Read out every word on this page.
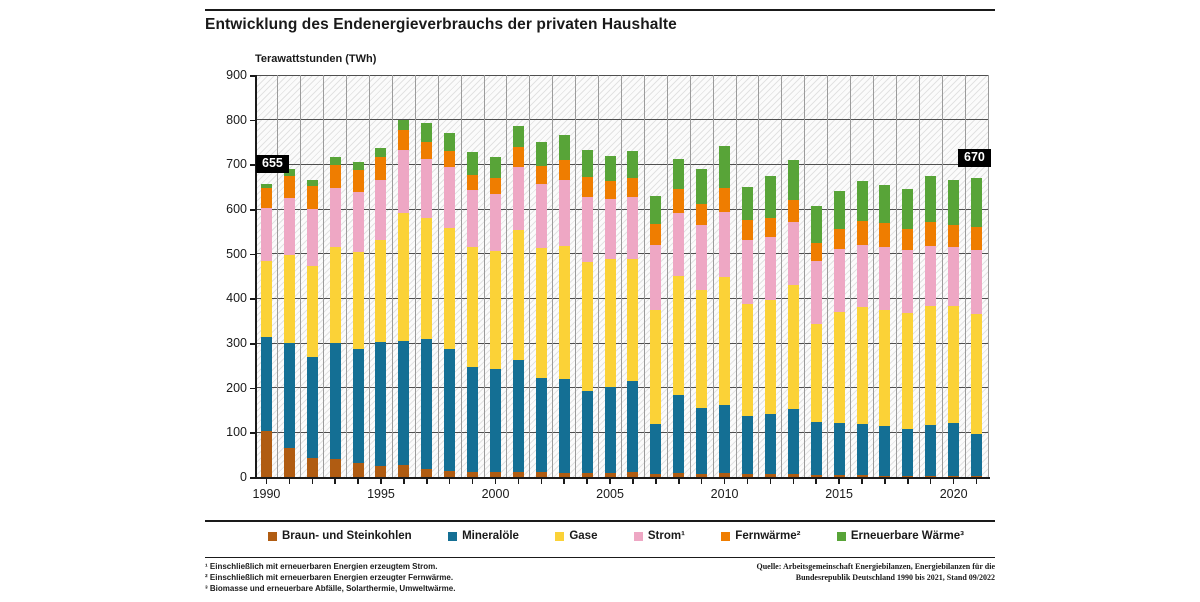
Entwicklung des Endenergieverbrauchs der privaten Haushalte
Terawattstunden (TWh)
0
100
200
300
400
500
600
700
800
900
Braun- und Steinkohlen	Mineralöle	Gase	Strom¹	Fernwärme²	Erneuerbare Wärme³
¹ Einschließlich mit erneuerbaren Energien erzeugtem Strom.
² Einschließlich mit erneuerbaren Energien erzeugter Fernwärme.
³ Biomasse und erneuerbare Abfälle, Solarthermie, Umweltwärme.
Quelle: Arbeitsgemeinschaft Energiebilanzen, Energiebilanzen für die
Bundesrepublik Deutschland 1990 bis 2021, Stand 09/2022
1990	1995	2000	2005	2010	2015	2020
655	670
